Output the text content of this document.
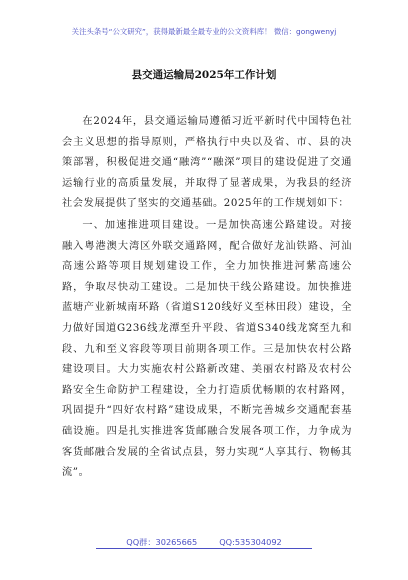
关注头条号“公文研究”，获得最新最全最专业的公文资料库！ 微信：gongwenyj
县交通运输局2025年工作计划

在2024年，县交通运输局遵循习近平新时代中国特色社会主义思想的指导原则，严格执行中央以及省、市、县的决策部署，积极促进交通“融湾”“融深”项目的建设促进了交通运输行业的高质量发展，并取得了显著成果，为我县的经济社会发展提供了坚实的交通基础。2025年的工作规划如下：

一、加速推进项目建设。一是加快高速公路建设。对接融入粤港澳大湾区外联交通路网，配合做好龙汕铁路、河汕高速公路等项目规划建设工作，全力加快推进河紫高速公路，争取尽快动工建设。二是加快干线公路建设。加快推进蓝塘产业新城南环路（省道S120线好义至林田段）建设，全力做好国道G236线龙潭至升平段、省道S340线龙窝至九和段、九和至义容段等项目前期各项工作。三是加快农村公路建设项目。大力实施农村公路新改建、美丽农村路及农村公路安全生命防护工程建设，全力打造质优畅顺的农村路网，巩固提升“四好农村路”建设成果，不断完善城乡交通配套基础设施。四是扎实推进客货邮融合发展各项工作，力争成为客货邮融合发展的全省试点县，努力实现“人享其行、物畅其流”。

QQ群：30265665	QQ:535304092
